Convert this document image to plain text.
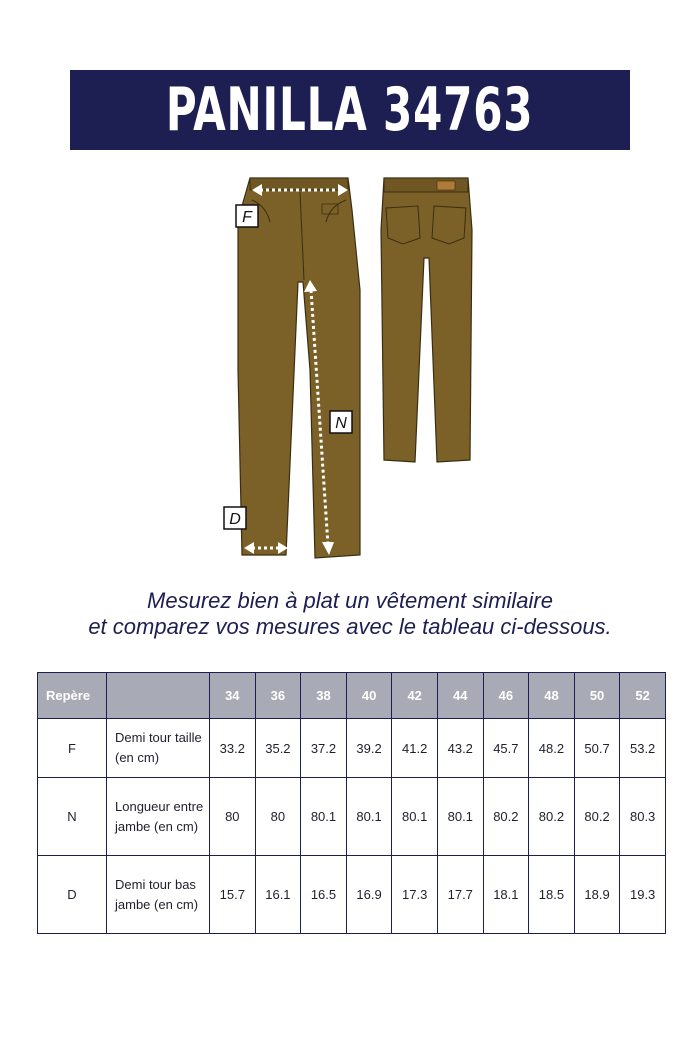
PANILLA 34763
F
N
D
Mesurez bien à plat un vêtement similaire
et comparez vos mesures avec le tableau ci-dessous.
Repère		34	36	38	40	42	44	46	48	50	52
F	Demi tour taille (en cm)	33.2	35.2	37.2	39.2	41.2	43.2	45.7	48.2	50.7	53.2
N	Longueur entre jambe (en cm)	80	80	80.1	80.1	80.1	80.1	80.2	80.2	80.2	80.3
D	Demi tour bas jambe (en cm)	15.7	16.1	16.5	16.9	17.3	17.7	18.1	18.5	18.9	19.3
